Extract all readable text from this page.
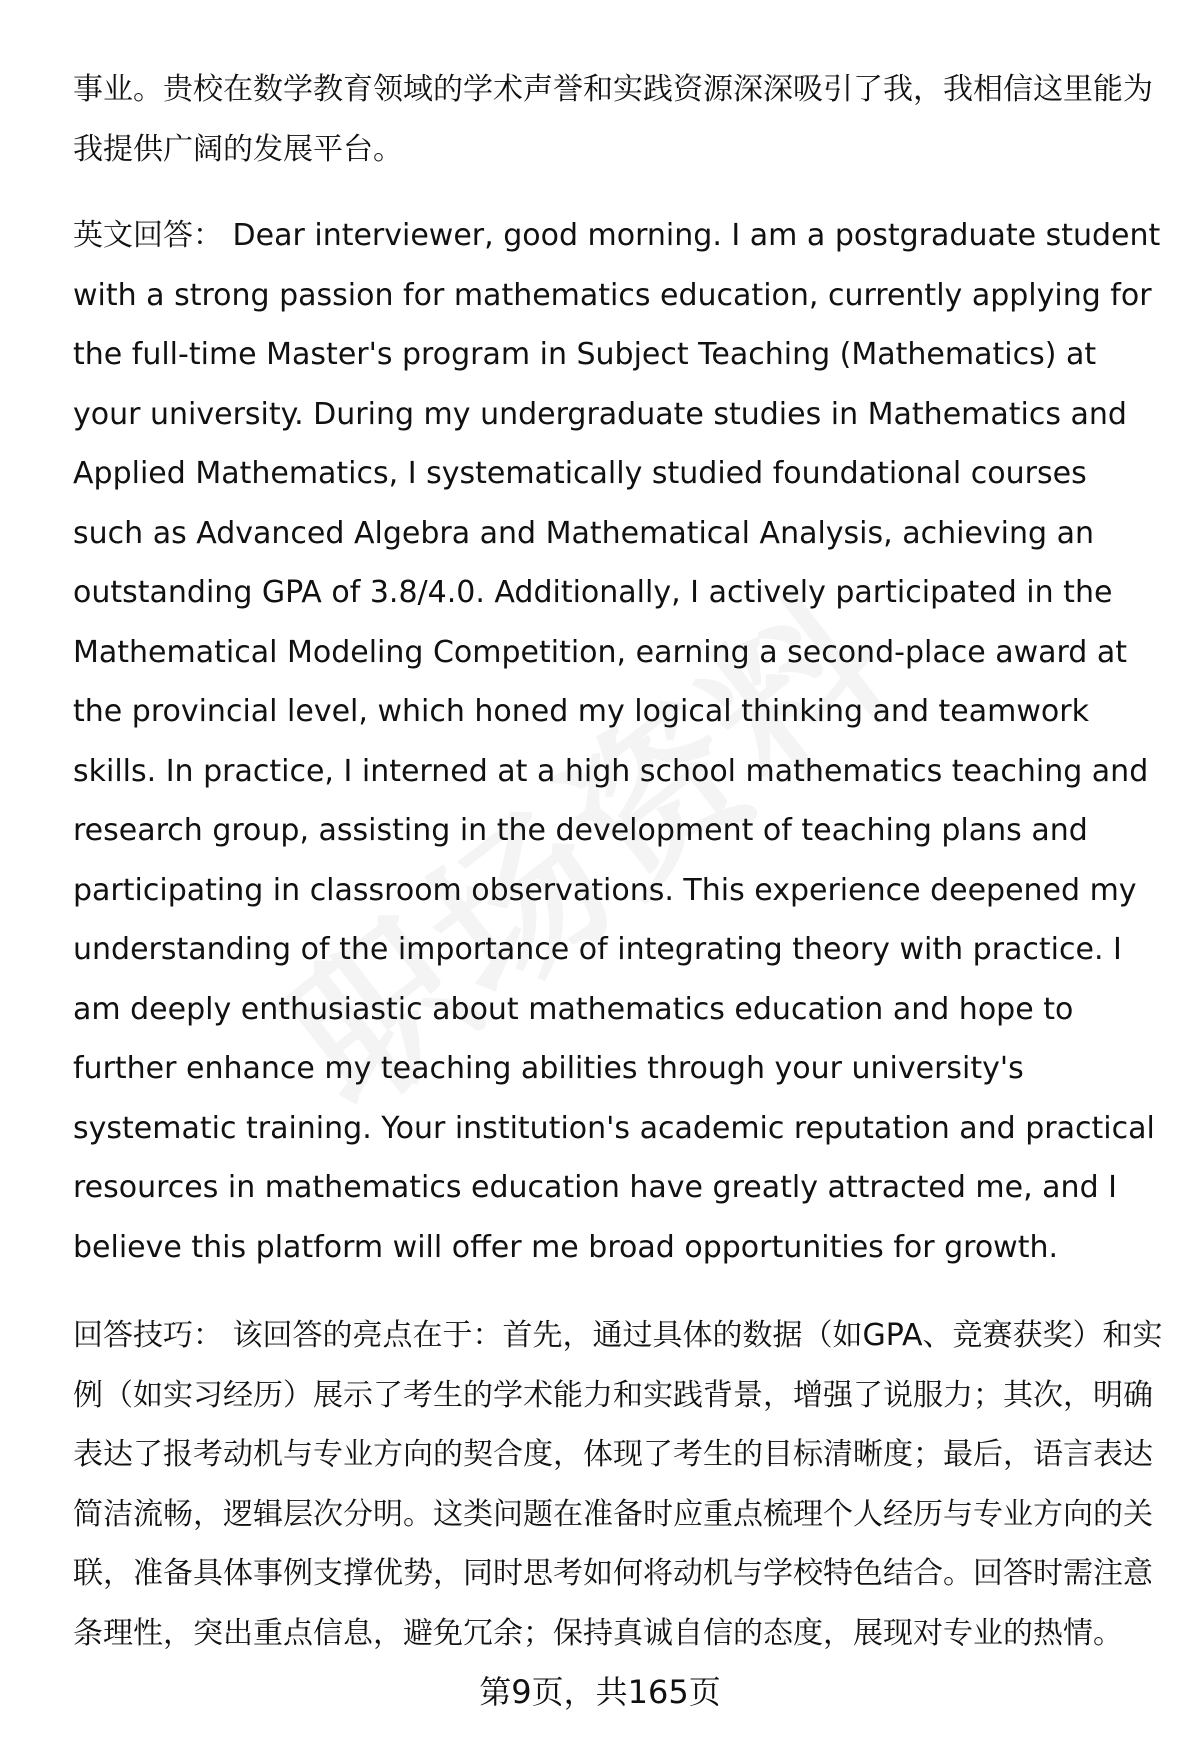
事业。贵校在数学教育领域的学术声誉和实践资源深深吸引了我，我相信这里能为我提供广阔的发展平台。

英文回答： Dear interviewer, good morning. I am a postgraduate student with a strong passion for mathematics education, currently applying for the full-time Master's program in Subject Teaching (Mathematics) at your university. During my undergraduate studies in Mathematics and Applied Mathematics, I systematically studied foundational courses such as Advanced Algebra and Mathematical Analysis, achieving an outstanding GPA of 3.8/4.0. Additionally, I actively participated in the Mathematical Modeling Competition, earning a second-place award at the provincial level, which honed my logical thinking and teamwork skills. In practice, I interned at a high school mathematics teaching and research group, assisting in the development of teaching plans and participating in classroom observations. This experience deepened my understanding of the importance of integrating theory with practice. I am deeply enthusiastic about mathematics education and hope to further enhance my teaching abilities through your university's systematic training. Your institution's academic reputation and practical resources in mathematics education have greatly attracted me, and I believe this platform will offer me broad opportunities for growth.

回答技巧： 该回答的亮点在于：首先，通过具体的数据（如GPA、竞赛获奖）和实例（如实习经历）展示了考生的学术能力和实践背景，增强了说服力；其次，明确表达了报考动机与专业方向的契合度，体现了考生的目标清晰度；最后，语言表达简洁流畅，逻辑层次分明。这类问题在准备时应重点梳理个人经历与专业方向的关联，准备具体事例支撑优势，同时思考如何将动机与学校特色结合。回答时需注意条理性，突出重点信息，避免冗余；保持真诚自信的态度，展现对专业的热情。

第9页，共165页
